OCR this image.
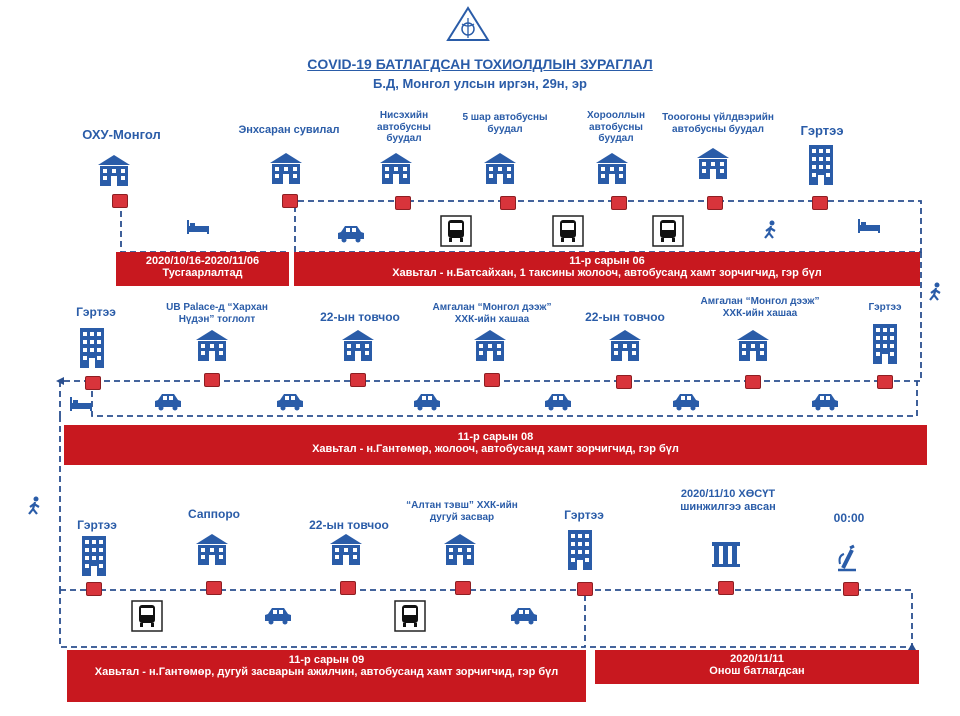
COVID-19 БАТЛАГДСАН ТОХИОЛДЛЫН ЗУРАГЛАЛ
Б.Д, Монгол улсын иргэн, 29н, эр
ОХУ-Монгол	Энхсаран сувилал
Нисэхийн автобусны буудал
5 шар автобусны буудал
Хорооллын автобусны буудал
Тооогоны үйлдвэрийн автобусны буудал	Гэртээ
2020/10/16-2020/11/06
Тусгаарлалтад
11-р сарын 06
Хавьтал - н.Батсайхан, 1 таксины жолооч, автобусанд хамт зорчигчид, гэр бүл
Гэртээ	UB Palace-д “Хархан Нүдэн” тоглолт	22-ын товчоо
Амгалан “Монгол дээж” ХХК-ийн хашаа	22-ын товчоо
Амгалан “Монгол дээж” ХХК-ийн хашаа	Гэртээ
11-р сарын 08
Хавьтал - н.Гантөмөр, жолооч, автобусанд хамт зорчигчид, гэр бүл
Гэртээ
Саппоро
22-ын товчоо
“Алтан тэвш” ХХК-ийн дугуй засвар	Гэртээ
2020/11/10 ХӨСҮТ шинжилгээ авсан
00:00
11-р сарын 09
Хавьтал - н.Гантөмөр, дугуй засварын ажилчин, автобусанд хамт зорчигчид, гэр бүл
2020/11/11
Онош батлагдсан
